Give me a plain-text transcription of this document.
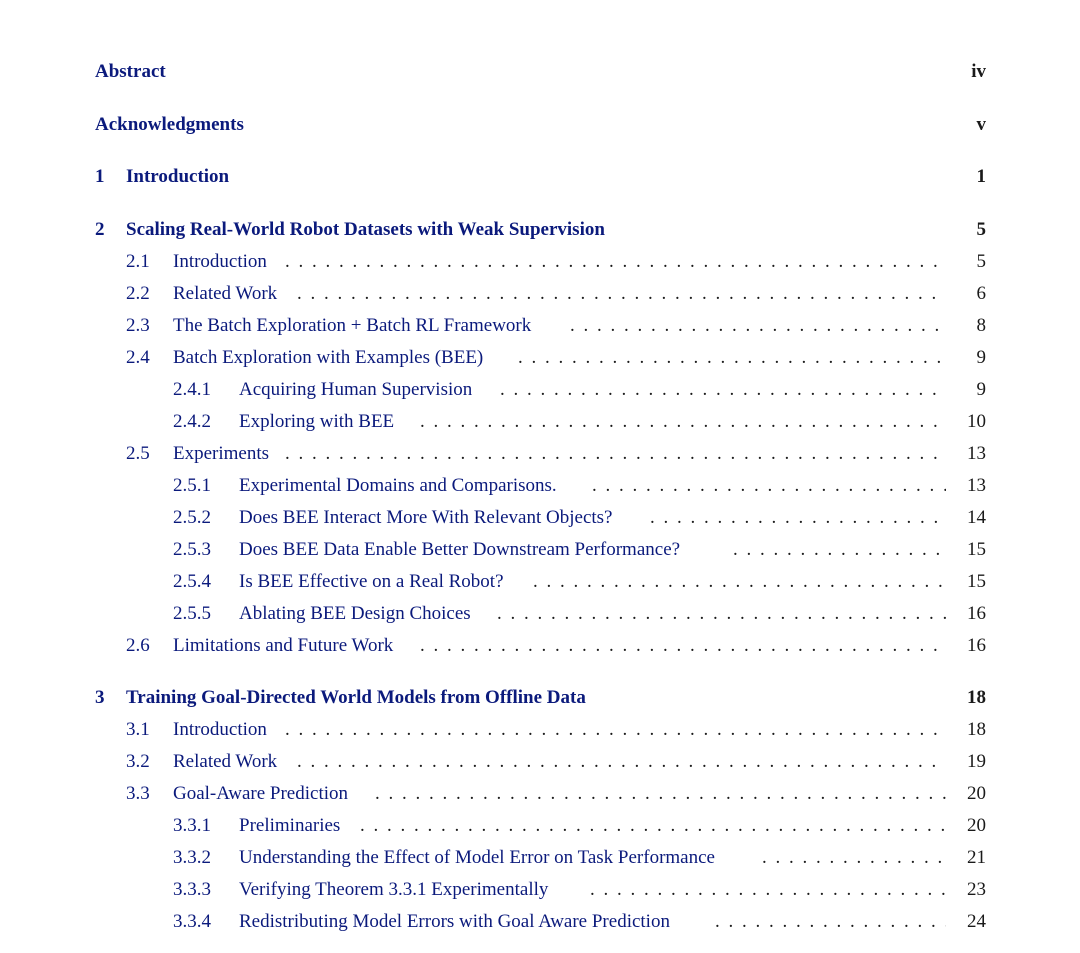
Abstract	iv
Acknowledgments	v
1 Introduction	1
2 Scaling Real-World Robot Datasets with Weak Supervision	5
2.1 Introduction . . .	5
2.2 Related Work . . .	6
2.3 The Batch Exploration + Batch RL Framework . . .	8
2.4 Batch Exploration with Examples (BEE) . . .	9
2.4.1 Acquiring Human Supervision . . .	9
2.4.2 Exploring with BEE . . .	10
2.5 Experiments . . .	13
2.5.1 Experimental Domains and Comparisons. . . .	13
2.5.2 Does BEE Interact More With Relevant Objects? . . .	14
2.5.3 Does BEE Data Enable Better Downstream Performance? . . .	15
2.5.4 Is BEE Effective on a Real Robot? . . .	15
2.5.5 Ablating BEE Design Choices . . .	16
2.6 Limitations and Future Work . . .	16
3 Training Goal-Directed World Models from Offline Data	18
3.1 Introduction . . .	18
3.2 Related Work . . .	19
3.3 Goal-Aware Prediction . . .	20
3.3.1 Preliminaries . . .	20
3.3.2 Understanding the Effect of Model Error on Task Performance . . .	21
3.3.3 Verifying Theorem 3.3.1 Experimentally . . .	23
3.3.4 Redistributing Model Errors with Goal Aware Prediction . . .	24
